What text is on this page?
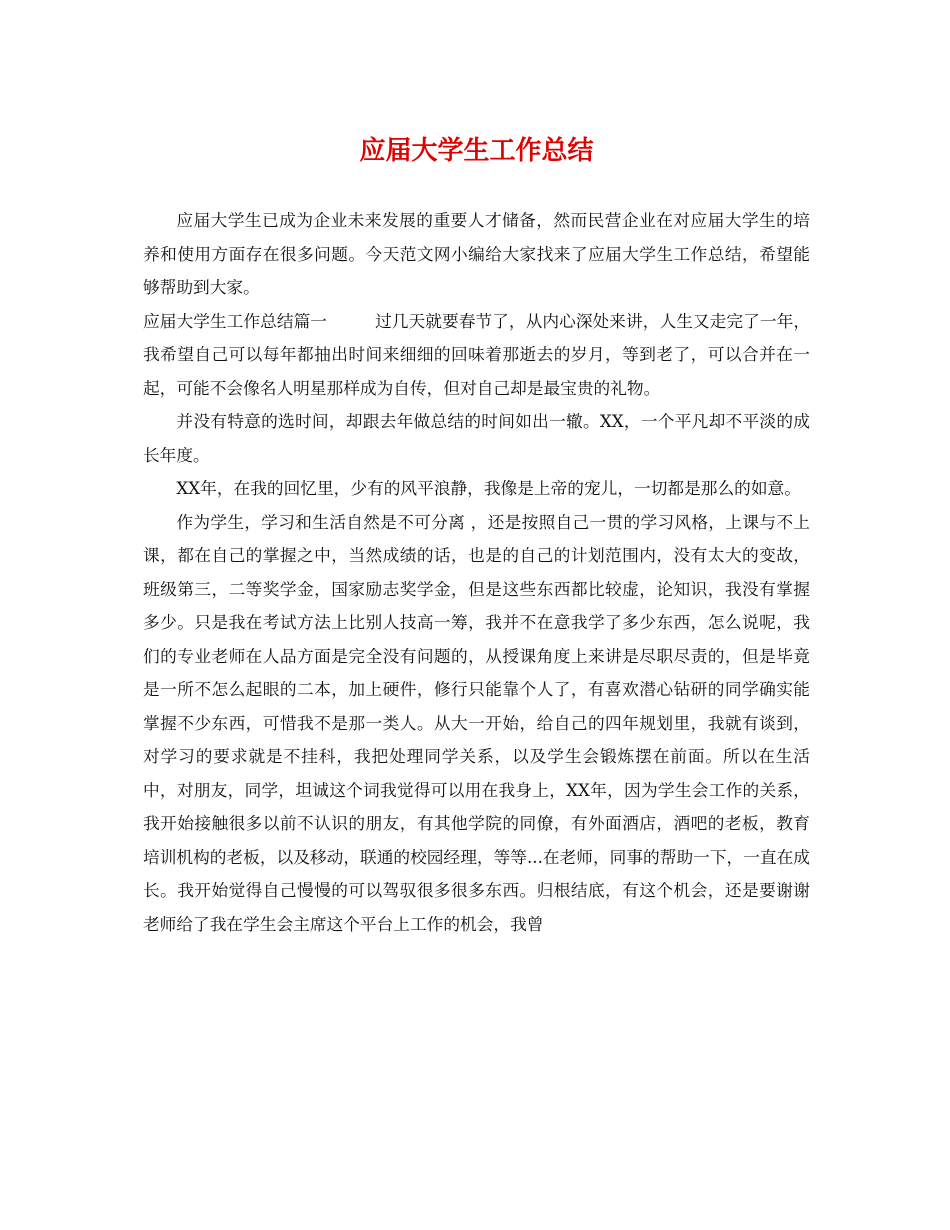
应届大学生工作总结

应届大学生已成为企业未来发展的重要人才储备，然而民营企业在对应届大学生的培养和使用方面存在很多问题。今天范文网小编给大家找来了应届大学生工作总结，希望能够帮助到大家。

应届大学生工作总结篇一	过几天就要春节了，从内心深处来讲，人生又走完了一年，我希望自己可以每年都抽出时间来细细的回味着那逝去的岁月，等到老了，可以合并在一起，可能不会像名人明星那样成为自传，但对自己却是最宝贵的礼物。

并没有特意的选时间，却跟去年做总结的时间如出一辙。XX，一个平凡却不平淡的成长年度。

XX年，在我的回忆里，少有的风平浪静，我像是上帝的宠儿，一切都是那么的如意。

作为学生，学习和生活自然是不可分离 ，还是按照自己一贯的学习风格，上课与不上课，都在自己的掌握之中，当然成绩的话，也是的自己的计划范围内，没有太大的变故，班级第三，二等奖学金，国家励志奖学金，但是这些东西都比较虚，论知识，我没有掌握多少。只是我在考试方法上比别人技高一筹，我并不在意我学了多少东西，怎么说呢，我们的专业老师在人品方面是完全没有问题的，从授课角度上来讲是尽职尽责的，但是毕竟是一所不怎么起眼的二本，加上硬件，修行只能靠个人了，有喜欢潜心钻研的同学确实能掌握不少东西，可惜我不是那一类人。从大一开始，给自己的四年规划里，我就有谈到，对学习的要求就是不挂科，我把处理同学关系，以及学生会锻炼摆在前面。所以在生活中，对朋友，同学，坦诚这个词我觉得可以用在我身上，XX年，因为学生会工作的关系，我开始接触很多以前不认识的朋友，有其他学院的同僚，有外面酒店，酒吧的老板，教育培训机构的老板，以及移动，联通的校园经理，等等...在老师，同事的帮助一下，一直在成长。我开始觉得自己慢慢的可以驾驭很多很多东西。归根结底，有这个机会，还是要谢谢老师给了我在学生会主席这个平台上工作的机会，我曾
